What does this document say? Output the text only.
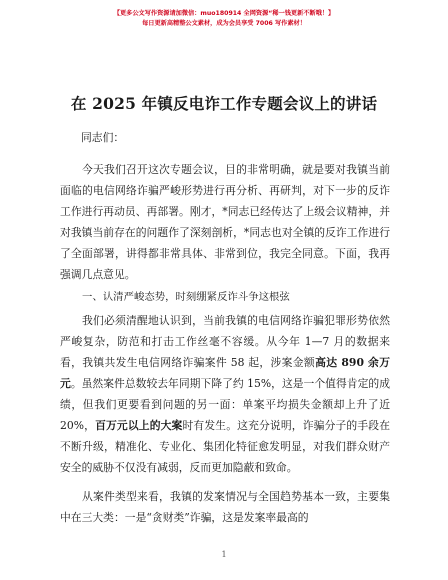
【更多公文写作资源请加微信：muo180914 全网资源“稀一钱更新不断哦！】
每日更新高精整公文素材，成为会员享受 7006 写作素材！
在 2025 年镇反电诈工作专题会议上的讲话

同志们：

今天我们召开这次专题会议，目的非常明确，就是要对我镇当前面临的电信网络诈骗严峻形势进行再分析、再研判，对下一步的反诈工作进行再动员、再部署。刚才，*同志已经传达了上级会议精神，并对我镇当前存在的问题作了深刻剖析，*同志也对全镇的反诈工作进行了全面部署，讲得都非常具体、非常到位，我完全同意。下面，我再强调几点意见。

一、认清严峻态势，时刻绷紧反诈斗争这根弦

我们必须清醒地认识到，当前我镇的电信网络诈骗犯罪形势依然严峻复杂，防范和打击工作丝毫不容缓。从今年 1—7 月的数据来看，我镇共发生电信网络诈骗案件 58 起，涉案金额高达 890 余万元。虽然案件总数较去年同期下降了约 15%，这是一个值得肯定的成绩，但我们更要看到问题的另一面：单案平均损失金额却上升了近 20%，百万元以上的大案时有发生。这充分说明，诈骗分子的手段在不断升级，精准化、专业化、集团化特征愈发明显，对我们群众财产安全的威胁不仅没有减弱，反而更加隐蔽和致命。

从案件类型来看，我镇的发案情况与全国趋势基本一致，主要集中在三大类：一是“贪财类”诈骗，这是发案率最高的

1
